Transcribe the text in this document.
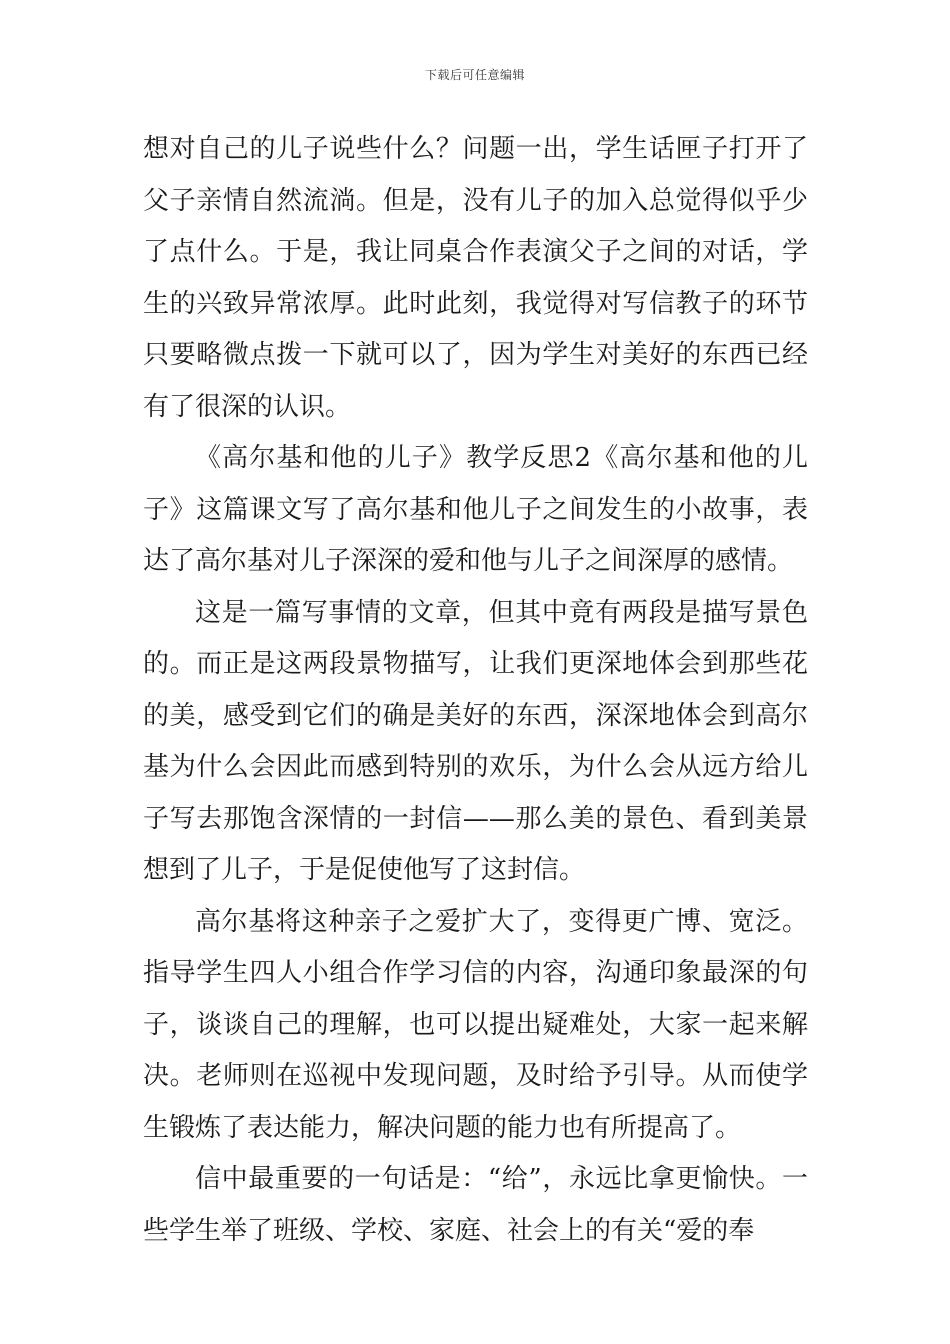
下载后可任意编辑

想对自己的儿子说些什么？问题一出，学生话匣子打开了父子亲情自然流淌。但是，没有儿子的加入总觉得似乎少了点什么。于是，我让同桌合作表演父子之间的对话，学生的兴致异常浓厚。此时此刻，我觉得对写信教子的环节只要略微点拨一下就可以了，因为学生对美好的东西已经有了很深的认识。

《高尔基和他的儿子》教学反思2《高尔基和他的儿子》这篇课文写了高尔基和他儿子之间发生的小故事，表达了高尔基对儿子深深的爱和他与儿子之间深厚的感情。

这是一篇写事情的文章，但其中竟有两段是描写景色的。而正是这两段景物描写，让我们更深地体会到那些花的美，感受到它们的确是美好的东西，深深地体会到高尔基为什么会因此而感到特别的欢乐，为什么会从远方给儿子写去那饱含深情的一封信——那么美的景色、看到美景想到了儿子，于是促使他写了这封信。

高尔基将这种亲子之爱扩大了，变得更广博、宽泛。指导学生四人小组合作学习信的内容，沟通印象最深的句子，谈谈自己的理解，也可以提出疑难处，大家一起来解决。老师则在巡视中发现问题，及时给予引导。从而使学生锻炼了表达能力，解决问题的能力也有所提高了。

信中最重要的一句话是：“给”，永远比拿更愉快。一些学生举了班级、学校、家庭、社会上的有关“爱的奉
